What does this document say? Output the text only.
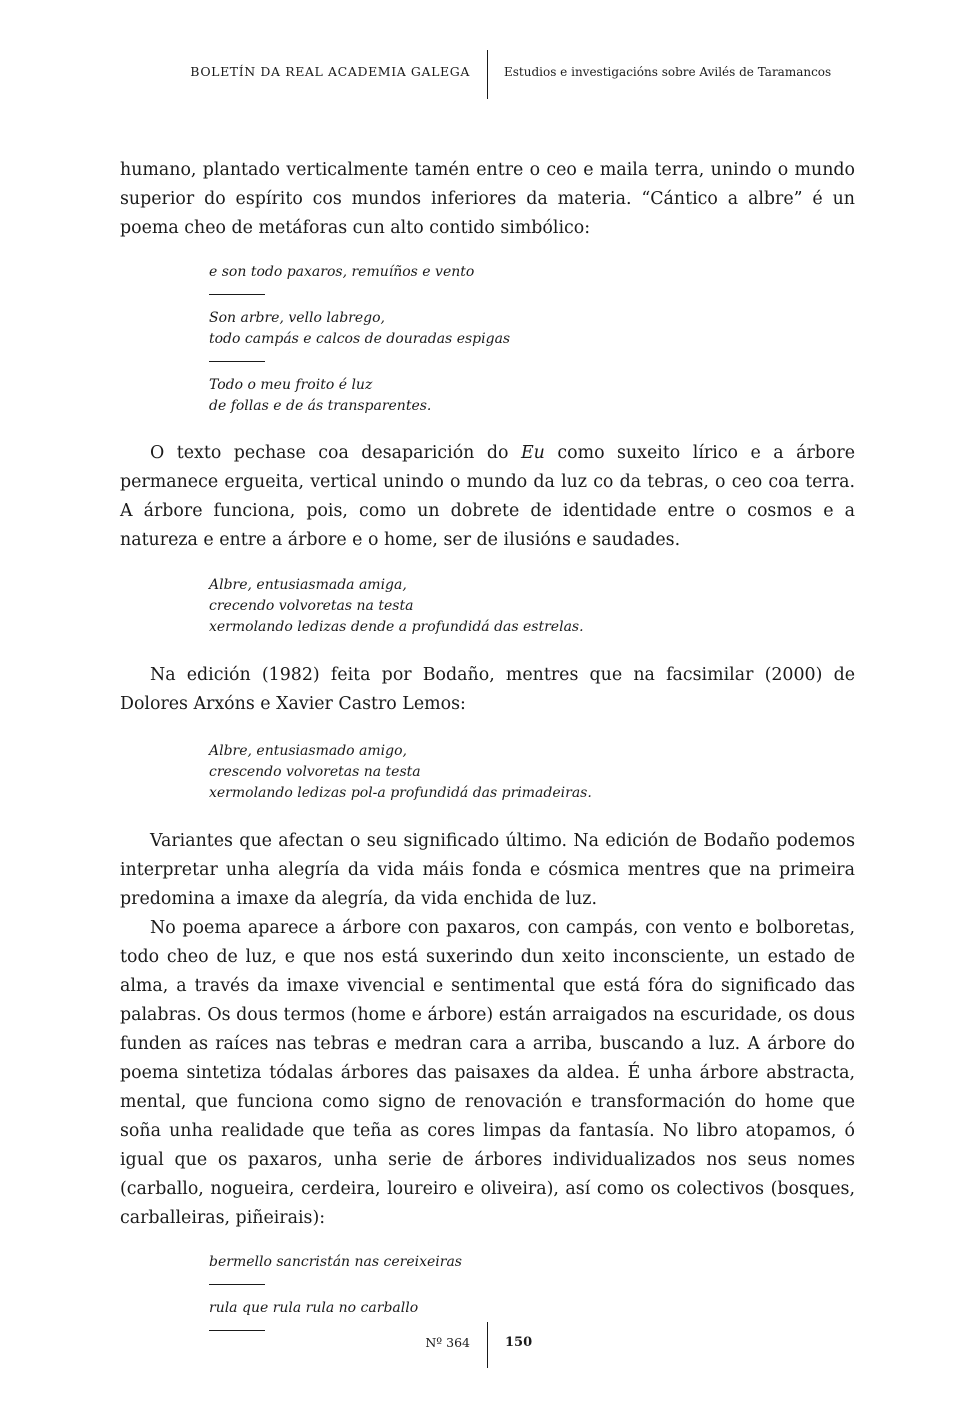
BOLETÍN DA REAL ACADEMIA GALEGA	Estudios e investigacións sobre Avilés de Taramancos

humano, plantado verticalmente tamén entre o ceo e maila terra, unindo o mundo superior do espírito cos mundos inferiores da materia. “Cántico a albre” é un poema cheo de metáforas cun alto contido simbólico:

e son todo paxaros, remuíños e vento
Son arbre, vello labrego,
todo campás e calcos de douradas espigas
Todo o meu froito é luz
de follas e de ás transparentes.

O texto pechase coa desaparición do Eu como suxeito lírico e a árbore permanece ergueita, vertical unindo o mundo da luz co da tebras, o ceo coa terra. A árbore funciona, pois, como un dobrete de identidade entre o cosmos e a natureza e entre a árbore e o home, ser de ilusións e saudades.

Albre, entusiasmada amiga,
crecendo volvoretas na testa
xermolando ledizas dende a profundidá das estrelas.

Na edición (1982) feita por Bodaño, mentres que na facsimilar (2000) de Dolores Arxóns e Xavier Castro Lemos:

Albre, entusiasmado amigo,
crescendo volvoretas na testa
xermolando ledizas pol-a profundidá das primadeiras.

Variantes que afectan o seu significado último. Na edición de Bodaño podemos interpretar unha alegría da vida máis fonda e cósmica mentres que na primeira predomina a imaxe da alegría, da vida enchida de luz.

No poema aparece a árbore con paxaros, con campás, con vento e bolboretas, todo cheo de luz, e que nos está suxerindo dun xeito inconsciente, un estado de alma, a través da imaxe vivencial e sentimental que está fóra do significado das palabras. Os dous termos (home e árbore) están arraigados na escuridade, os dous funden as raíces nas tebras e medran cara a arriba, buscando a luz. A árbore do poema sintetiza tódalas árbores das paisaxes da aldea. É unha árbore abstracta, mental, que funciona como signo de renovación e transformación do home que soña unha realidade que teña as cores limpas da fantasía. No libro atopamos, ó igual que os paxaros, unha serie de árbores individualizados nos seus nomes (carballo, nogueira, cerdeira, loureiro e oliveira), así como os colectivos (bosques, carballeiras, piñeirais):

bermello sancristán nas cereixeiras
rula que rula rula no carballo
Nº 364	150
